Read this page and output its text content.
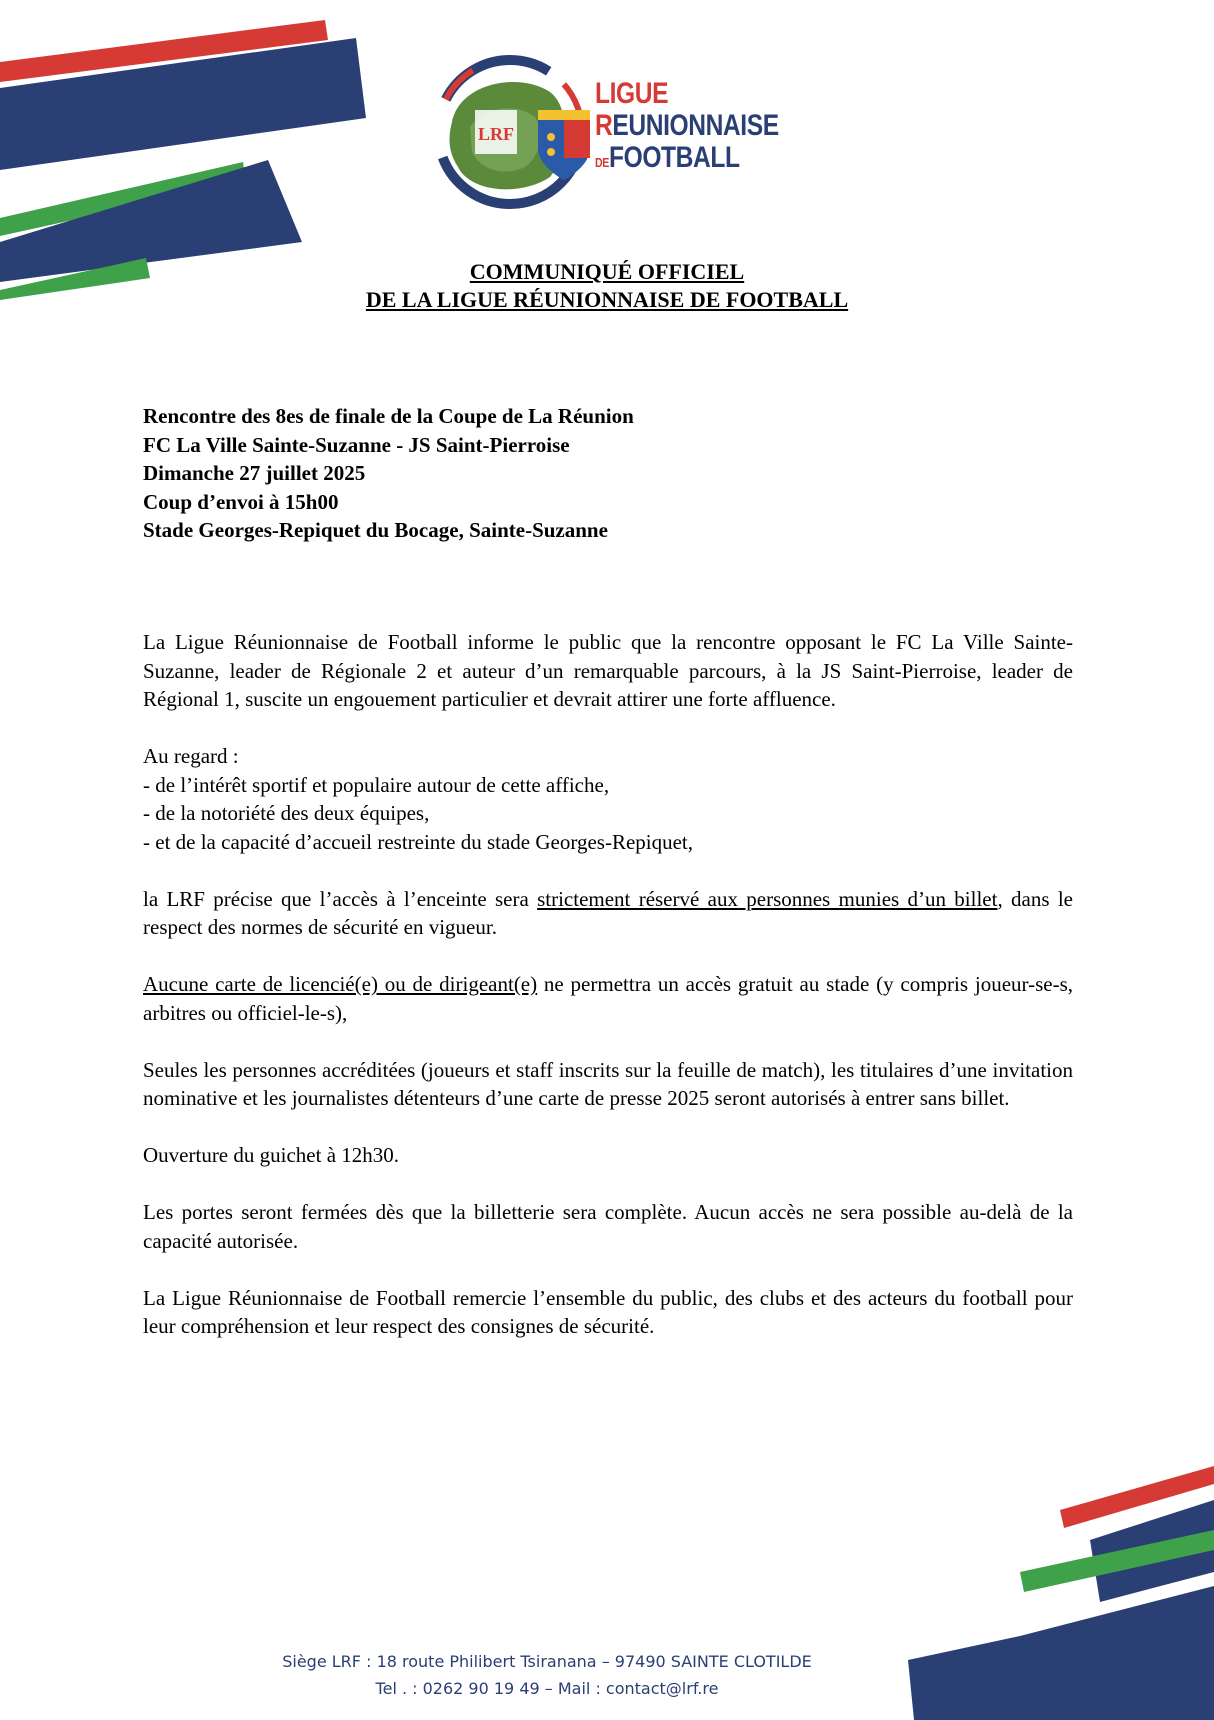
LRF
LIGUE
REUNIONNAISE
DEFOOTBALL
COMMUNIQUÉ OFFICIEL
DE LA LIGUE RÉUNIONNAISE DE FOOTBALL
Rencontre des 8es de finale de la Coupe de La Réunion
FC La Ville Sainte-Suzanne - JS Saint-Pierroise
Dimanche 27 juillet 2025
Coup d’envoi à 15h00
Stade Georges-Repiquet du Bocage, Sainte-Suzanne

La Ligue Réunionnaise de Football informe le public que la rencontre opposant le FC La Ville Sainte-Suzanne, leader de Régionale 2 et auteur d’un remarquable parcours, à la JS Saint-Pierroise, leader de Régional 1, suscite un engouement particulier et devrait attirer une forte affluence.

Au regard :
- de l’intérêt sportif et populaire autour de cette affiche,
- de la notoriété des deux équipes,
- et de la capacité d’accueil restreinte du stade Georges-Repiquet,

la LRF précise que l’accès à l’enceinte sera strictement réservé aux personnes munies d’un billet, dans le respect des normes de sécurité en vigueur.

Aucune carte de licencié(e) ou de dirigeant(e) ne permettra un accès gratuit au stade (y compris joueur-se-s, arbitres ou officiel-le-s),

Seules les personnes accréditées (joueurs et staff inscrits sur la feuille de match), les titulaires d’une invitation nominative et les journalistes détenteurs d’une carte de presse 2025 seront autorisés à entrer sans billet.

Ouverture du guichet à 12h30.

Les portes seront fermées dès que la billetterie sera complète. Aucun accès ne sera possible au-delà de la capacité autorisée.

La Ligue Réunionnaise de Football remercie l’ensemble du public, des clubs et des acteurs du football pour leur compréhension et leur respect des consignes de sécurité.

Siège LRF : 18 route Philibert Tsiranana – 97490 SAINTE CLOTILDE
Tel . : 0262 90 19 49 – Mail : contact@lrf.re
